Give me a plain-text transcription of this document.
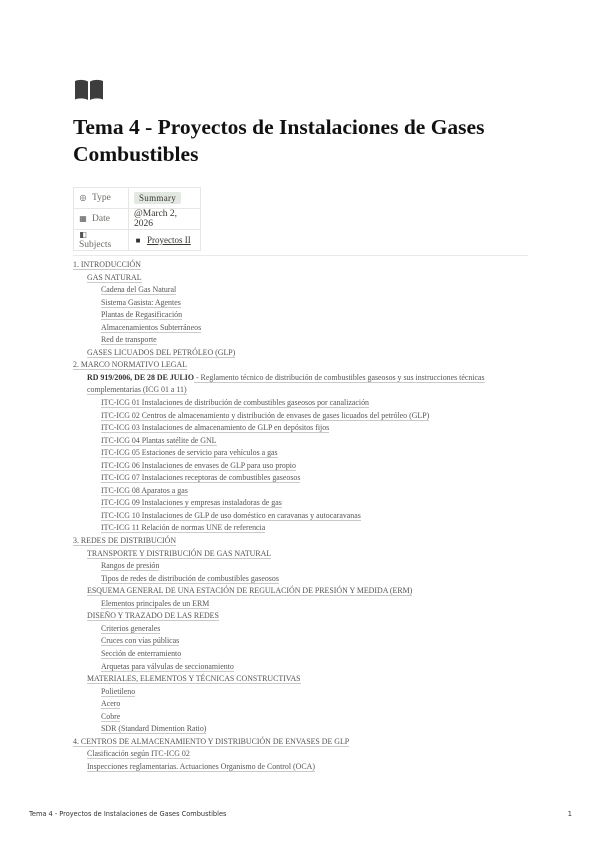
Tema 4 - Proyectos de Instalaciones de Gases Combustibles
◎ Type	Summary
▦ Date	@March 2, 2026
◧Subjects	■ Proyectos II
1. INTRODUCCIÓN
GAS NATURAL
Cadena del Gas Natural
Sistema Gasista: Agentes
Plantas de Regasificación
Almacenamientos Subterráneos
Red de transporte
GASES LICUADOS DEL PETRÓLEO (GLP)
2. MARCO NORMATIVO LEGAL
RD 919/2006, DE 28 DE JULIO - Reglamento técnico de distribución de combustibles gaseosos y sus instrucciones técnicas complementarias (ICG 01 a 11)
ITC-ICG 01 Instalaciones de distribución de combustibles gaseosos por canalización
ITC-ICG 02 Centros de almacenamiento y distribución de envases de gases licuados del petróleo (GLP)
ITC-ICG 03 Instalaciones de almacenamiento de GLP en depósitos fijos
ITC-ICG 04 Plantas satélite de GNL
ITC-ICG 05 Estaciones de servicio para vehículos a gas
ITC-ICG 06 Instalaciones de envases de GLP para uso propio
ITC-ICG 07 Instalaciones receptoras de combustibles gaseosos
ITC-ICG 08 Aparatos a gas
ITC-ICG 09 Instalaciones y empresas instaladoras de gas
ITC-ICG 10 Instalaciones de GLP de uso doméstico en caravanas y autocaravanas
ITC-ICG 11 Relación de normas UNE de referencia
3. REDES DE DISTRIBUCIÓN
TRANSPORTE Y DISTRIBUCIÓN DE GAS NATURAL
Rangos de presión
Tipos de redes de distribución de combustibles gaseosos
ESQUEMA GENERAL DE UNA ESTACIÓN DE REGULACIÓN DE PRESIÓN Y MEDIDA (ERM)
Elementos principales de un ERM
DISEÑO Y TRAZADO DE LAS REDES
Criterios generales
Cruces con vías públicas
Sección de enterramiento
Arquetas para válvulas de seccionamiento
MATERIALES, ELEMENTOS Y TÉCNICAS CONSTRUCTIVAS
Polietileno
Acero
Cobre
SDR (Standard Dimention Ratio)
4. CENTROS DE ALMACENAMIENTO Y DISTRIBUCIÓN DE ENVASES DE GLP
Clasificación según ITC-ICG 02
Inspecciones reglamentarias. Actuaciones Organismo de Control (OCA)
Tema 4 - Proyectos de Instalaciones de Gases Combustibles	1
